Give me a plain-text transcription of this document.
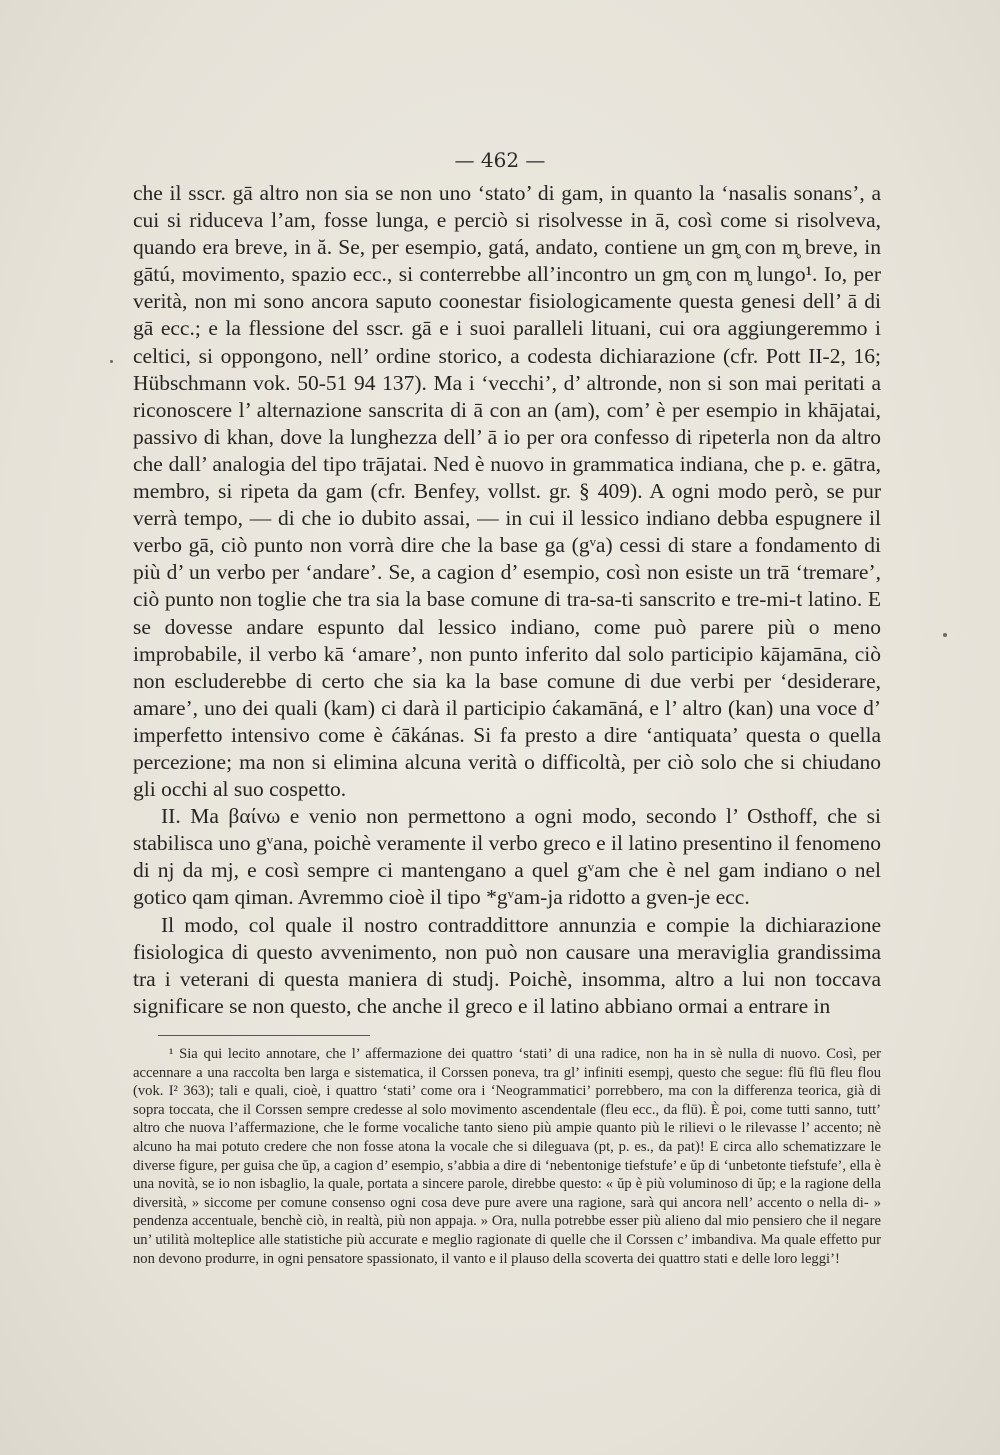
— 462 —

che il sscr. gā altro non sia se non uno ‘stato’ di gam, in quanto la ‘nasalis sonans’, a cui si riduceva l’am, fosse lunga, e perciò si risolvesse in ā, così come si risolveva, quando era breve, in ă. Se, per esempio, gatá, andato, contiene un gm̥ con m̥ breve, in gātú, movimento, spazio ecc., si conterrebbe all’incontro un gm̥ con m̥ lungo¹. Io, per verità, non mi sono ancora saputo coonestar fisiologicamente questa genesi dell’ ā di gā ecc.; e la flessione del sscr. gā e i suoi paralleli lituani, cui ora aggiungeremmo i celtici, si oppongono, nell’ ordine storico, a codesta dichiarazione (cfr. Pott II-2, 16; Hübschmann vok. 50-51 94 137). Ma i ‘vecchi’, d’ altronde, non si son mai peritati a riconoscere l’ alternazione sanscrita di ā con an (am), com’ è per esempio in khājatai, passivo di khan, dove la lunghezza dell’ ā io per ora confesso di ripeterla non da altro che dall’ analogia del tipo trājatai. Ned è nuovo in grammatica indiana, che p. e. gātra, membro, si ripeta da gam (cfr. Benfey, vollst. gr. § 409). A ogni modo però, se pur verrà tempo, — di che io dubito assai, — in cui il lessico indiano debba espugnere il verbo gā, ciò punto non vorrà dire che la base ga (gᵛa) cessi di stare a fondamento di più d’ un verbo per ‘andare’. Se, a cagion d’ esempio, così non esiste un trā ‘tremare’, ciò punto non toglie che tra sia la base comune di tra-sa-ti sanscrito e tre-mi-t latino. E se dovesse andare espunto dal lessico indiano, come può parere più o meno improbabile, il verbo kā ‘amare’, non punto inferito dal solo participio kājamāna, ciò non escluderebbe di certo che sia ka la base comune di due verbi per ‘desiderare, amare’, uno dei quali (kam) ci darà il participio ćakamāná, e l’ altro (kan) una voce d’ imperfetto intensivo come è ćākánas. Si fa presto a dire ‘antiquata’ questa o quella percezione; ma non si elimina alcuna verità o difficoltà, per ciò solo che si chiudano gli occhi al suo cospetto.

II. Ma βαίνω e venio non permettono a ogni modo, secondo l’ Osthoff, che si stabilisca uno gᵛana, poichè veramente il verbo greco e il latino presentino il fenomeno di nj da mj, e così sempre ci mantengano a quel gᵛam che è nel gam indiano o nel gotico qam qiman. Avremmo cioè il tipo *gᵛam-ja ridotto a gven-je ecc.

Il modo, col quale il nostro contraddittore annunzia e compie la dichiarazione fisiologica di questo avvenimento, non può non causare una meraviglia grandissima tra i veterani di questa maniera di studj. Poichè, insomma, altro a lui non toccava significare se non questo, che anche il greco e il latino abbiano ormai a entrare in

¹ Sia qui lecito annotare, che l’ affermazione dei quattro ‘stati’ di una radice, non ha in sè nulla di nuovo. Così, per accennare a una raccolta ben larga e sistematica, il Corssen poneva, tra gl’ infiniti esempj, questo che segue: flū flū fleu flou (vok. I² 363); tali e quali, cioè, i quattro ‘stati’ come ora i ‘Neogrammatici’ porrebbero, ma con la differenza teorica, già di sopra toccata, che il Corssen sempre credesse al solo movimento ascendentale (fleu ecc., da flū). È poi, come tutti sanno, tutt’ altro che nuova l’affermazione, che le forme vocaliche tanto sieno più ampie quanto più le rilievi o le rilevasse l’ accento; nè alcuno ha mai potuto credere che non fosse atona la vocale che si dileguava (pt, p. es., da pat)! E circa allo schematizzare le diverse figure, per guisa che ŭp, a cagion d’ esempio, s’abbia a dire di ‘nebentonige tiefstufe’ e ŭp di ‘unbetonte tiefstufe’, ella è una novità, se io non isbaglio, la quale, portata a sincere parole, direbbe questo: « ŭp è più voluminoso di ŭp; e la ragione della diversità, » siccome per comune consenso ogni cosa deve pure avere una ragione, sarà qui ancora nell’ accento o nella di- » pendenza accentuale, benchè ciò, in realtà, più non appaja. » Ora, nulla potrebbe esser più alieno dal mio pensiero che il negare un’ utilità molteplice alle statistiche più accurate e meglio ragionate di quelle che il Corssen c’ imbandiva. Ma quale effetto pur non devono produrre, in ogni pensatore spassionato, il vanto e il plauso della scoverta dei quattro stati e delle loro leggi’!
